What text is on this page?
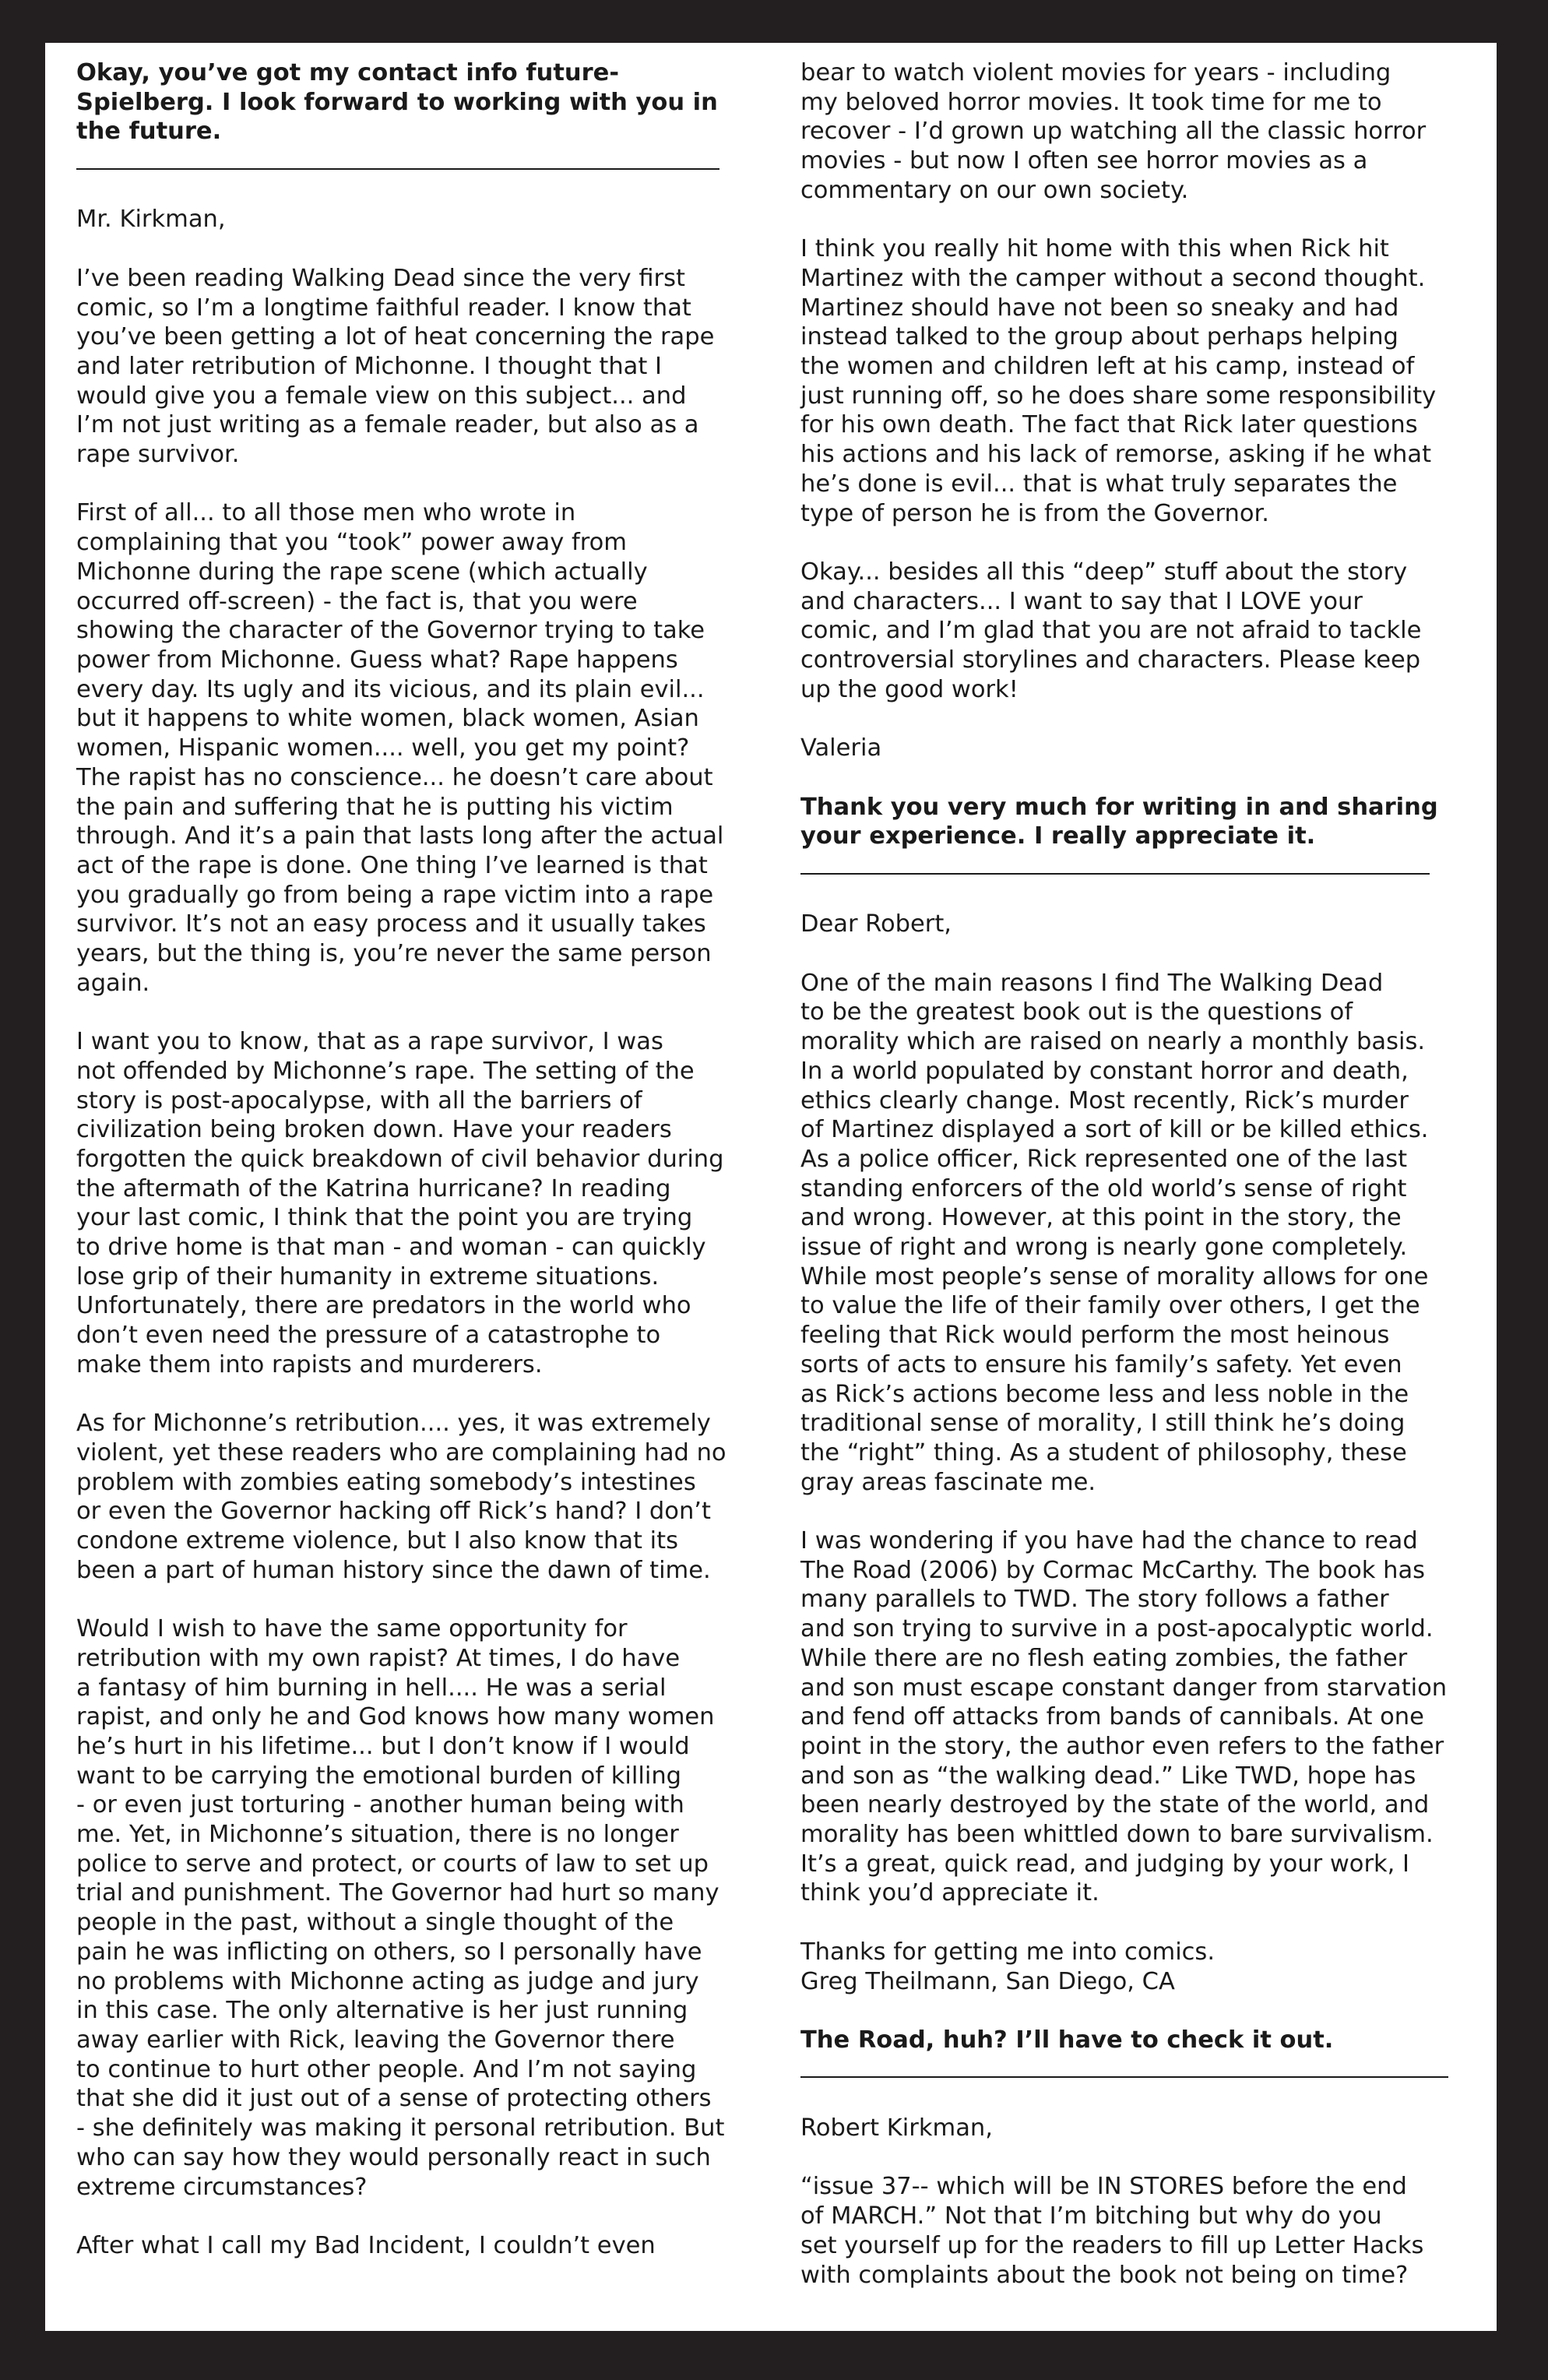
Okay, you’ve got my contact info future-
Spielberg. I look forward to working with you in
the future.

Mr. Kirkman,

I’ve been reading Walking Dead since the very first
comic, so I’m a longtime faithful reader. I know that
you’ve been getting a lot of heat concerning the rape
and later retribution of Michonne. I thought that I
would give you a female view on this subject... and
I’m not just writing as a female reader, but also as a
rape survivor.

First of all... to all those men who wrote in
complaining that you “took” power away from
Michonne during the rape scene (which actually
occurred off-screen) - the fact is, that you were
showing the character of the Governor trying to take
power from Michonne. Guess what? Rape happens
every day. Its ugly and its vicious, and its plain evil...
but it happens to white women, black women, Asian
women, Hispanic women.... well, you get my point?
The rapist has no conscience... he doesn’t care about
the pain and suffering that he is putting his victim
through. And it’s a pain that lasts long after the actual
act of the rape is done. One thing I’ve learned is that
you gradually go from being a rape victim into a rape
survivor. It’s not an easy process and it usually takes
years, but the thing is, you’re never the same person
again.

I want you to know, that as a rape survivor, I was
not offended by Michonne’s rape. The setting of the
story is post-apocalypse, with all the barriers of
civilization being broken down. Have your readers
forgotten the quick breakdown of civil behavior during
the aftermath of the Katrina hurricane? In reading
your last comic, I think that the point you are trying
to drive home is that man - and woman - can quickly
lose grip of their humanity in extreme situations.
Unfortunately, there are predators in the world who
don’t even need the pressure of a catastrophe to
make them into rapists and murderers.

As for Michonne’s retribution.... yes, it was extremely
violent, yet these readers who are complaining had no
problem with zombies eating somebody’s intestines
or even the Governor hacking off Rick’s hand? I don’t
condone extreme violence, but I also know that its
been a part of human history since the dawn of time.

Would I wish to have the same opportunity for
retribution with my own rapist? At times, I do have
a fantasy of him burning in hell.... He was a serial
rapist, and only he and God knows how many women
he’s hurt in his lifetime... but I don’t know if I would
want to be carrying the emotional burden of killing
- or even just torturing - another human being with
me. Yet, in Michonne’s situation, there is no longer
police to serve and protect, or courts of law to set up
trial and punishment. The Governor had hurt so many
people in the past, without a single thought of the
pain he was inflicting on others, so I personally have
no problems with Michonne acting as judge and jury
in this case. The only alternative is her just running
away earlier with Rick, leaving the Governor there
to continue to hurt other people. And I’m not saying
that she did it just out of a sense of protecting others
- she definitely was making it personal retribution. But
who can say how they would personally react in such
extreme circumstances?

After what I call my Bad Incident, I couldn’t even

bear to watch violent movies for years - including
my beloved horror movies. It took time for me to
recover - I’d grown up watching all the classic horror
movies - but now I often see horror movies as a
commentary on our own society.

I think you really hit home with this when Rick hit
Martinez with the camper without a second thought.
Martinez should have not been so sneaky and had
instead talked to the group about perhaps helping
the women and children left at his camp, instead of
just running off, so he does share some responsibility
for his own death. The fact that Rick later questions
his actions and his lack of remorse, asking if he what
he’s done is evil... that is what truly separates the
type of person he is from the Governor.

Okay... besides all this “deep” stuff about the story
and characters... I want to say that I LOVE your
comic, and I’m glad that you are not afraid to tackle
controversial storylines and characters. Please keep
up the good work!

Valeria

Thank you very much for writing in and sharing
your experience. I really appreciate it.

Dear Robert,

One of the main reasons I find The Walking Dead
to be the greatest book out is the questions of
morality which are raised on nearly a monthly basis.
In a world populated by constant horror and death,
ethics clearly change. Most recently, Rick’s murder
of Martinez displayed a sort of kill or be killed ethics.
As a police officer, Rick represented one of the last
standing enforcers of the old world’s sense of right
and wrong. However, at this point in the story, the
issue of right and wrong is nearly gone completely.
While most people’s sense of morality allows for one
to value the life of their family over others, I get the
feeling that Rick would perform the most heinous
sorts of acts to ensure his family’s safety. Yet even
as Rick’s actions become less and less noble in the
traditional sense of morality, I still think he’s doing
the “right” thing. As a student of philosophy, these
gray areas fascinate me.

I was wondering if you have had the chance to read
The Road (2006) by Cormac McCarthy. The book has
many parallels to TWD. The story follows a father
and son trying to survive in a post-apocalyptic world.
While there are no flesh eating zombies, the father
and son must escape constant danger from starvation
and fend off attacks from bands of cannibals. At one
point in the story, the author even refers to the father
and son as “the walking dead.” Like TWD, hope has
been nearly destroyed by the state of the world, and
morality has been whittled down to bare survivalism.
It’s a great, quick read, and judging by your work, I
think you’d appreciate it.

Thanks for getting me into comics.
Greg Theilmann, San Diego, CA

The Road, huh? I’ll have to check it out.

Robert Kirkman,

“issue 37-- which will be IN STORES before the end
of MARCH.” Not that I’m bitching but why do you
set yourself up for the readers to fill up Letter Hacks
with complaints about the book not being on time?
